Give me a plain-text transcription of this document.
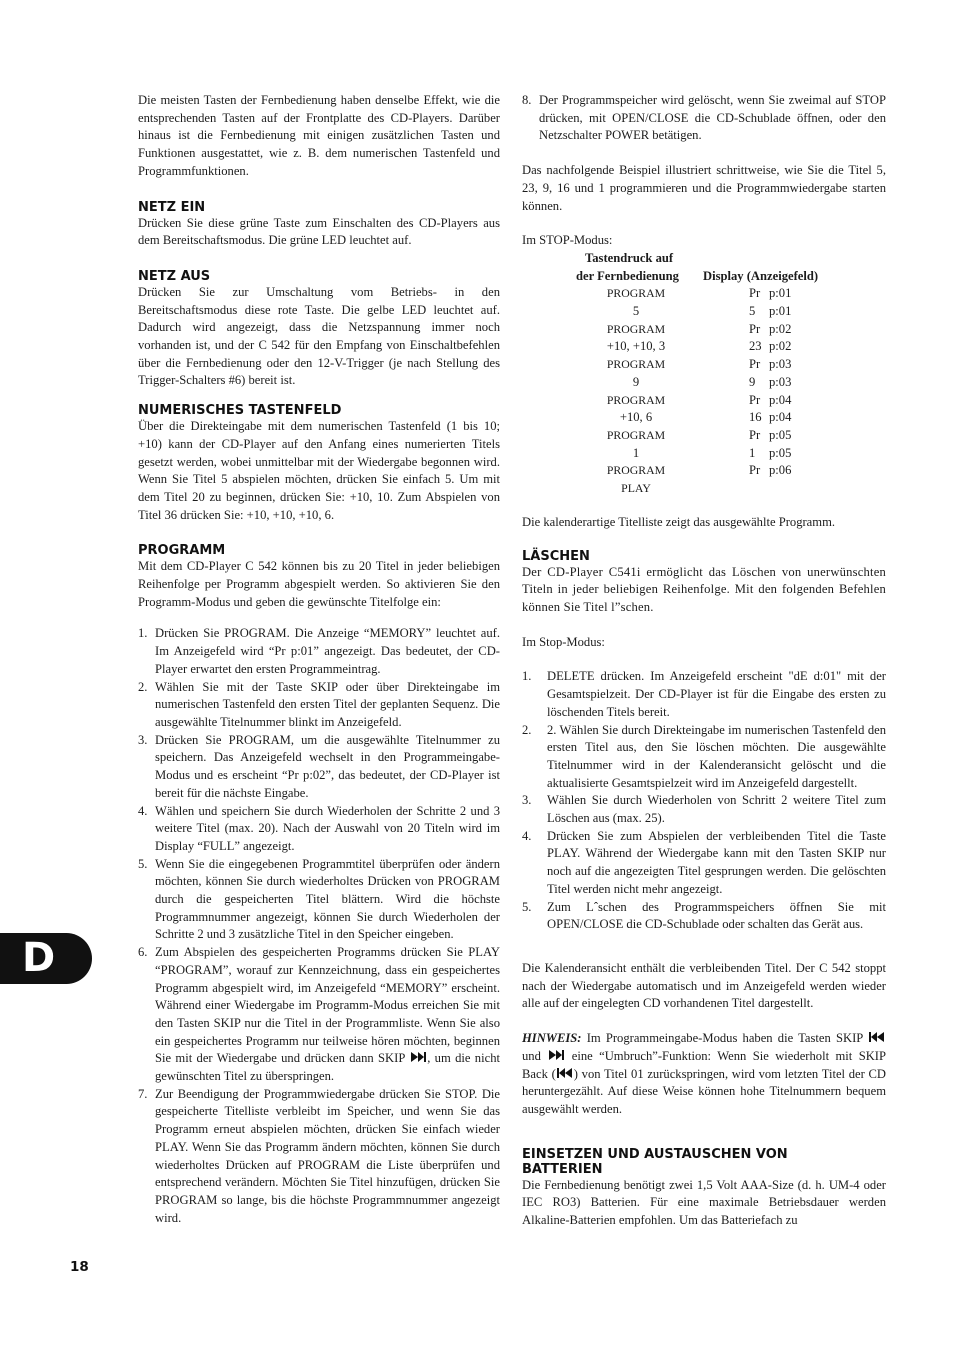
Die meisten Tasten der Fernbedienung haben denselbe Effekt, wie die entsprechenden Tasten auf der Frontplatte des CD-Players. Darüber hinaus ist die Fernbedienung mit einigen zusätzlichen Tasten und Funktionen ausgestattet, wie z. B. dem numerischen Tastenfeld und Programmfunktionen.

NETZ EIN

Drücken Sie diese grüne Taste zum Einschalten des CD-Players aus dem Bereitschaftsmodus. Die grüne LED leuchtet auf.

NETZ AUS

Drücken Sie zur Umschaltung vom Betriebs- in den Bereitschaftsmodus diese rote Taste. Die gelbe LED leuchtet auf. Dadurch wird angezeigt, dass die Netzspannung immer noch vorhanden ist, und der C 542 für den Empfang von Einschaltbefehlen über die Fernbedienung oder den 12-V-Trigger (je nach Stellung des Trigger-Schalters #6) bereit ist.

NUMERISCHES TASTENFELD

Über die Direkteingabe mit dem numerischen Tastenfeld (1 bis 10; +10) kann der CD-Player auf den Anfang eines numerierten Titels gesetzt werden, wobei unmittelbar mit der Wiedergabe begonnen wird. Wenn Sie Titel 5 abspielen möchten, drücken Sie einfach 5. Um mit dem Titel 20 zu beginnen, drücken Sie: +10, 10. Zum Abspielen von Titel 36 drücken Sie: +10, +10, +10, 6.

PROGRAMM

Mit dem CD-Player C 542 können bis zu 20 Titel in jeder beliebigen Reihenfolge per Programm abgespielt werden. So aktivieren Sie den Programm-Modus und geben die gewünschte Titelfolge ein:

1. Drücken Sie PROGRAM. Die Anzeige “MEMORY” leuchtet auf. Im Anzeigefeld wird “Pr p:01” angezeigt. Das bedeutet, der CD-Player erwartet den ersten Programmeintrag.
2. Wählen Sie mit der Taste SKIP oder über Direkteingabe im numerischen Tastenfeld den ersten Titel der geplanten Sequenz. Die ausgewählte Titelnummer blinkt im Anzeigefeld.
3. Drücken Sie PROGRAM, um die ausgewählte Titelnummer zu speichern. Das Anzeigefeld wechselt in den Programmeingabe-Modus und es erscheint “Pr p:02”, das bedeutet, der CD-Player ist bereit für die nächste Eingabe.
4. Wählen und speichern Sie durch Wiederholen der Schritte 2 und 3 weitere Titel (max. 20). Nach der Auswahl von 20 Titeln wird im Display “FULL” angezeigt.
5. Wenn Sie die eingegebenen Programmtitel überprüfen oder ändern möchten, können Sie durch wiederholtes Drücken von PROGRAM durch die gespeicherten Titel blättern. Wird die höchste Programmnummer angezeigt, können Sie durch Wiederholen der Schritte 2 und 3 zusätzliche Titel in den Speicher eingeben.
6. Zum Abspielen des gespeicherten Programms drücken Sie PLAY “PROGRAM”, worauf zur Kennzeichnung, dass ein gespeichertes Programm abgespielt wird, im Anzeigefeld “MEMORY” erscheint. Während einer Wiedergabe im Programm-Modus erreichen Sie mit den Tasten SKIP nur die Titel in der Programmliste. Wenn Sie also ein gespeichertes Programm nur teilweise hören möchten, beginnen Sie mit der Wiedergabe und drücken dann SKIP , um die nicht gewünschten Titel zu überspringen.
7. Zur Beendigung der Programmwiedergabe drücken Sie STOP. Die gespeicherte Titelliste verbleibt im Speicher, und wenn Sie das Programm erneut abspielen möchten, drücken Sie einfach wieder PLAY. Wenn Sie das Programm ändern möchten, können Sie durch wiederholtes Drücken auf PROGRAM die Liste überprüfen und entsprechend verändern. Möchten Sie Titel hinzufügen, drücken Sie PROGRAM so lange, bis die höchste Programmnummer angezeigt wird.
8. Der Programmspeicher wird gelöscht, wenn Sie zweimal auf STOP drücken, mit OPEN/CLOSE die CD-Schublade öffnen, oder den Netzschalter POWER betätigen.

Das nachfolgende Beispiel illustriert schrittweise, wie Sie die Titel 5, 23, 9, 16 und 1 programmieren und die Programmwiedergabe starten können.

Im STOP-Modus:

Tastendruck auf
der Fernbedienung Display (Anzeigefeld)
PROGRAM	Pr p:01
5	5 p:01
PROGRAM	Pr p:02
+10, +10, 3	23 p:02
PROGRAM	Pr p:03
9	9 p:03
PROGRAM	Pr p:04
+10, 6	16 p:04
PROGRAM	Pr p:05
1	1 p:05
PROGRAM	Pr p:06
PLAY

Die kalenderartige Titelliste zeigt das ausgewählte Programm.

LÄSCHEN

Der CD-Player C541i ermöglicht das Löschen von unerwünschten Titeln in jeder beliebigen Reihenfolge. Mit den folgenden Befehlen können Sie Titel l”schen.

Im Stop-Modus:

1. DELETE drücken. Im Anzeigefeld erscheint "dE d:01" mit der Gesamtspielzeit. Der CD-Player ist für die Eingabe des ersten zu löschenden Titels bereit.
2. 2. Wählen Sie durch Direkteingabe im numerischen Tastenfeld den ersten Titel aus, den Sie löschen möchten. Die ausgewählte Titelnummer wird in der Kalenderansicht gelöscht und die aktualisierte Gesamtspielzeit wird im Anzeigefeld dargestellt.
3. Wählen Sie durch Wiederholen von Schritt 2 weitere Titel zum Löschen aus (max. 25).
4. Drücken Sie zum Abspielen der verbleibenden Titel die Taste PLAY. Während der Wiedergabe kann mit den Tasten SKIP nur noch auf die angezeigten Titel gesprungen werden. Die gelöschten Titel werden nicht mehr angezeigt.
5. Zum Lˆschen des Programmspeichers öffnen Sie mit OPEN/CLOSE die CD-Schublade oder schalten das Gerät aus.

Die Kalenderansicht enthält die verbleibenden Titel. Der C 542 stoppt nach der Wiedergabe automatisch und im Anzeigefeld werden wieder alle auf der eingelegten CD vorhandenen Titel dargestellt.

HINWEIS: Im Programmeingabe-Modus haben die Tasten SKIP
und eine “Umbruch”-Funktion: Wenn Sie wiederholt mit SKIP Back ( ) von Titel 01 zurückspringen, wird vom letzten Titel der CD heruntergezählt. Auf diese Weise können hohe Titelnummern bequem ausgewählt werden.

EINSETZEN UND AUSTAUSCHEN VON
BATTERIEN

Die Fernbedienung benötigt zwei 1,5 Volt AAA-Size (d. h. UM-4 oder IEC RO3) Batterien. Für eine maximale Betriebsdauer werden Alkaline-Batterien empfohlen. Um das Batteriefach zu

D
18
